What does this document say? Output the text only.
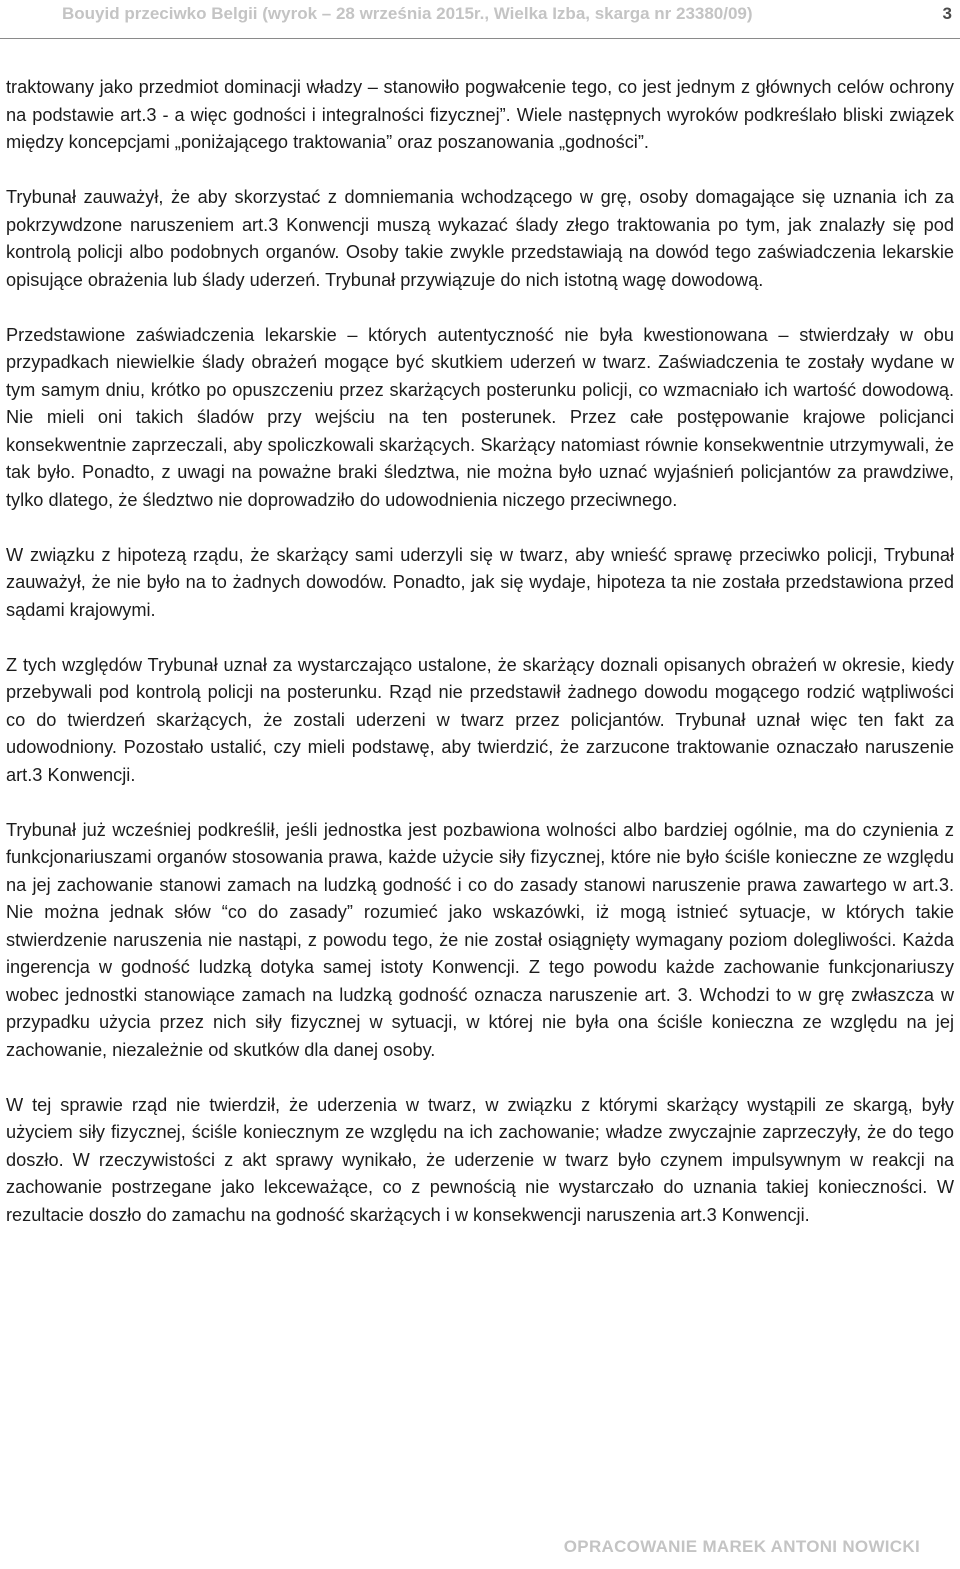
Bouyid przeciwko Belgii (wyrok – 28 września 2015r., Wielka Izba, skarga nr 23380/09)	3

traktowany jako przedmiot dominacji władzy – stanowiło pogwałcenie tego, co jest jednym z głównych celów ochrony na podstawie art.3 - a więc godności i integralności fizycznej”. Wiele następnych wyroków podkreślało bliski związek między koncepcjami „poniżającego traktowania” oraz poszanowania „godności”.

Trybunał zauważył, że aby skorzystać z domniemania wchodzącego w grę, osoby domagające się uznania ich za pokrzywdzone naruszeniem art.3 Konwencji muszą wykazać ślady złego traktowania po tym, jak znalazły się pod kontrolą policji albo podobnych organów. Osoby takie zwykle przedstawiają na dowód tego zaświadczenia lekarskie opisujące obrażenia lub ślady uderzeń. Trybunał przywiązuje do nich istotną wagę dowodową.

Przedstawione zaświadczenia lekarskie – których autentyczność nie była kwestionowana – stwierdzały w obu przypadkach niewielkie ślady obrażeń mogące być skutkiem uderzeń w twarz. Zaświadczenia te zostały wydane w tym samym dniu, krótko po opuszczeniu przez skarżących posterunku policji, co wzmacniało ich wartość dowodową. Nie mieli oni takich śladów przy wejściu na ten posterunek. Przez całe postępowanie krajowe policjanci konsekwentnie zaprzeczali, aby spoliczkowali skarżących. Skarżący natomiast równie konsekwentnie utrzymywali, że tak było. Ponadto, z uwagi na poważne braki śledztwa, nie można było uznać wyjaśnień policjantów za prawdziwe, tylko dlatego, że śledztwo nie doprowadziło do udowodnienia niczego przeciwnego.

W związku z hipotezą rządu, że skarżący sami uderzyli się w twarz, aby wnieść sprawę przeciwko policji, Trybunał zauważył, że nie było na to żadnych dowodów. Ponadto, jak się wydaje, hipoteza ta nie została przedstawiona przed sądami krajowymi.

Z tych względów Trybunał uznał za wystarczająco ustalone, że skarżący doznali opisanych obrażeń w okresie, kiedy przebywali pod kontrolą policji na posterunku. Rząd nie przedstawił żadnego dowodu mogącego rodzić wątpliwości co do twierdzeń skarżących, że zostali uderzeni w twarz przez policjantów. Trybunał uznał więc ten fakt za udowodniony. Pozostało ustalić, czy mieli podstawę, aby twierdzić, że zarzucone traktowanie oznaczało naruszenie art.3 Konwencji.

Trybunał już wcześniej podkreślił, jeśli jednostka jest pozbawiona wolności albo bardziej ogólnie, ma do czynienia z funkcjonariuszami organów stosowania prawa, każde użycie siły fizycznej, które nie było ściśle konieczne ze względu na jej zachowanie stanowi zamach na ludzką godność i co do zasady stanowi naruszenie prawa zawartego w art.3. Nie można jednak słów “co do zasady” rozumieć jako wskazówki, iż mogą istnieć sytuacje, w których takie stwierdzenie naruszenia nie nastąpi, z powodu tego, że nie został osiągnięty wymagany poziom dolegliwości. Każda ingerencja w godność ludzką dotyka samej istoty Konwencji. Z tego powodu każde zachowanie funkcjonariuszy wobec jednostki stanowiące zamach na ludzką godność oznacza naruszenie art. 3. Wchodzi to w grę zwłaszcza w przypadku użycia przez nich siły fizycznej w sytuacji, w której nie była ona ściśle konieczna ze względu na jej zachowanie, niezależnie od skutków dla danej osoby.

W tej sprawie rząd nie twierdził, że uderzenia w twarz, w związku z którymi skarżący wystąpili ze skargą, były użyciem siły fizycznej, ściśle koniecznym ze względu na ich zachowanie; władze zwyczajnie zaprzeczyły, że do tego doszło. W rzeczywistości z akt sprawy wynikało, że uderzenie w twarz było czynem impulsywnym w reakcji na zachowanie postrzegane jako lekceważące, co z pewnością nie wystarczało do uznania takiej konieczności. W rezultacie doszło do zamachu na godność skarżących i w konsekwencji naruszenia art.3 Konwencji.

OPRACOWANIE MAREK ANTONI NOWICKI
